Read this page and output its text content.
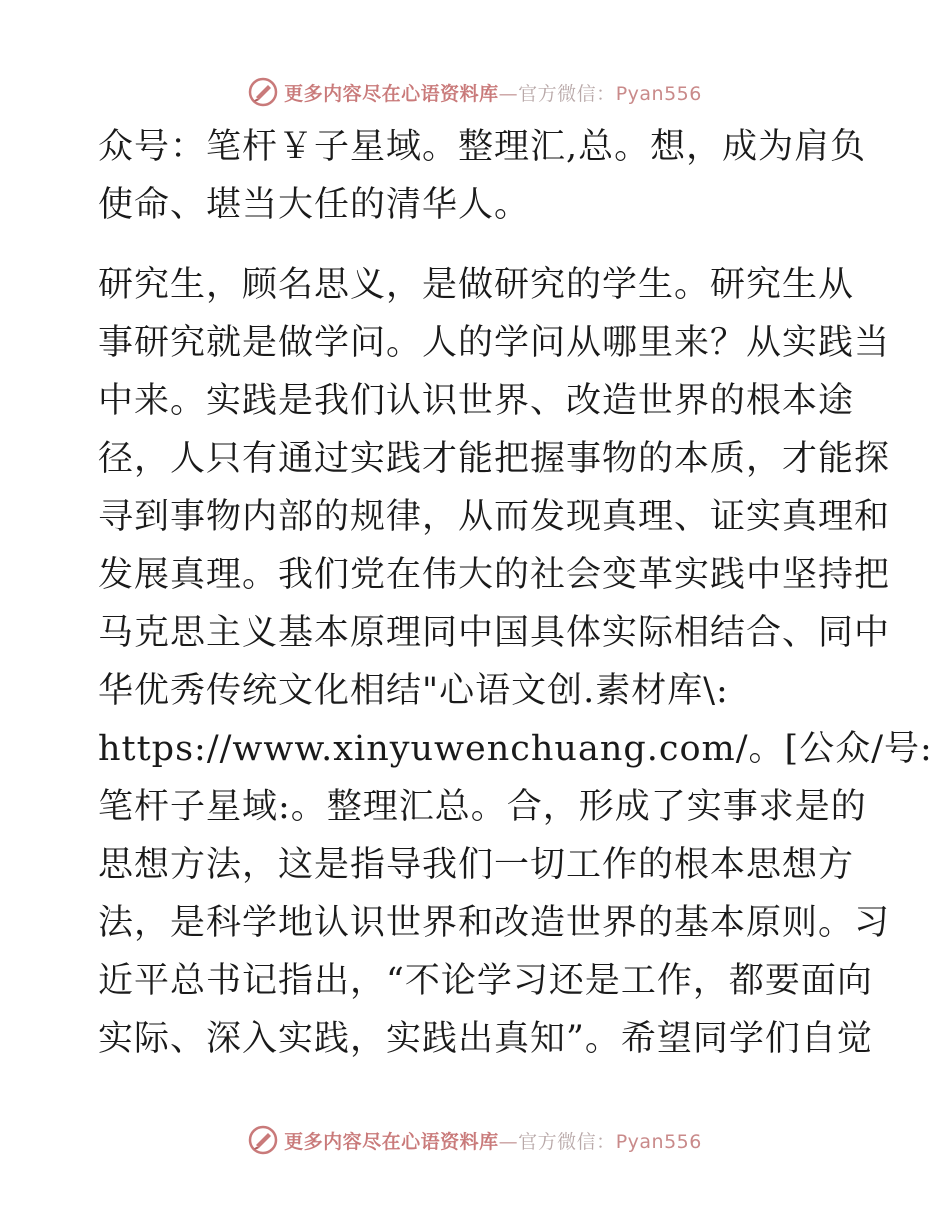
更多内容尽在心语资料库—官方微信：Pyan556
众号：笔杆￥子星域。整理汇,总。想，成为肩负
使命、堪当大任的清华人。
研究生，顾名思义，是做研究的学生。研究生从
事研究就是做学问。人的学问从哪里来？从实践当
中来。实践是我们认识世界、改造世界的根本途
径，人只有通过实践才能把握事物的本质，才能探
寻到事物内部的规律，从而发现真理、证实真理和
发展真理。我们党在伟大的社会变革实践中坚持把
马克思主义基本原理同中国具体实际相结合、同中
华优秀传统文化相结"心语文创.素材库\:
https://www.xinyuwenchuang.com/。[公众/号:
笔杆子星域:。整理汇总。合，形成了实事求是的
思想方法，这是指导我们一切工作的根本思想方
法，是科学地认识世界和改造世界的基本原则。习
近平总书记指出，“不论学习还是工作，都要面向
实际、深入实践，实践出真知”。希望同学们自觉
更多内容尽在心语资料库—官方微信：Pyan556
